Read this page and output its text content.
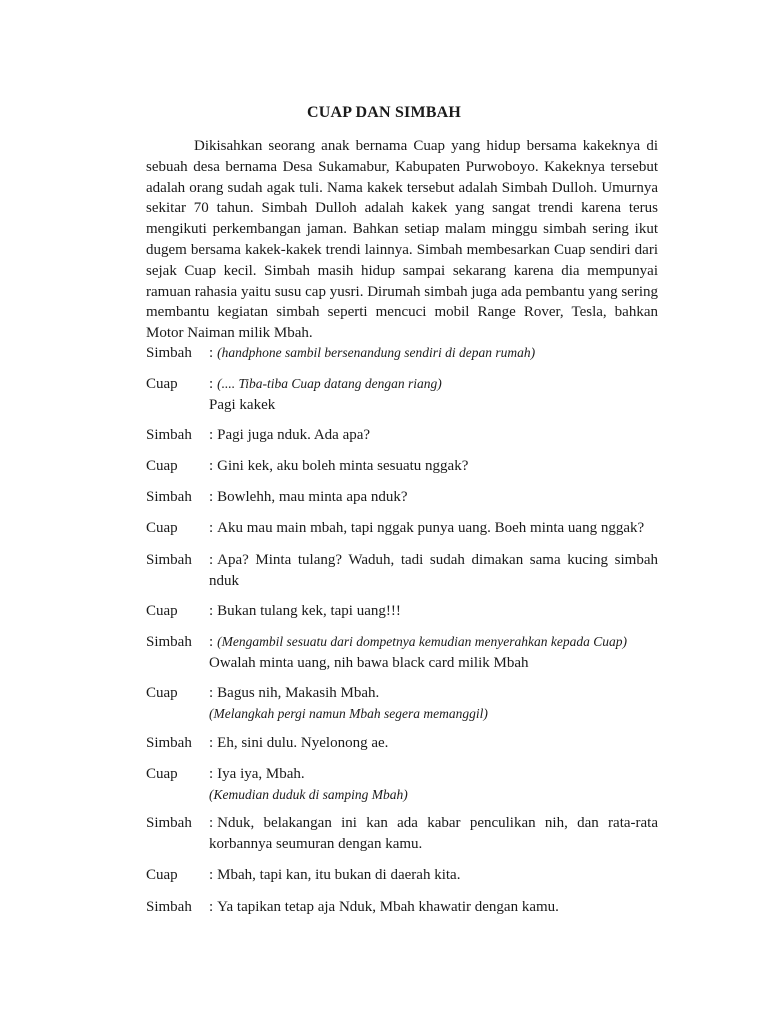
CUAP DAN SIMBAH

Dikisahkan seorang anak bernama Cuap yang hidup bersama kakeknya di sebuah desa bernama Desa Sukamabur, Kabupaten Purwoboyo. Kakeknya tersebut adalah orang sudah agak tuli. Nama kakek tersebut adalah Simbah Dulloh. Umurnya sekitar 70 tahun. Simbah Dulloh adalah kakek yang sangat trendi karena terus mengikuti perkembangan jaman. Bahkan setiap malam minggu simbah sering ikut dugem bersama kakek-kakek trendi lainnya. Simbah membesarkan Cuap sendiri dari sejak Cuap kecil. Simbah masih hidup sampai sekarang karena dia mempunyai ramuan rahasia yaitu susu cap yusri. Dirumah simbah juga ada pembantu yang sering membantu kegiatan simbah seperti mencuci mobil Range Rover, Tesla, bahkan Motor Naiman milik Mbah.

Simbah : (handphone sambil bersenandung sendiri di depan rumah)
Cuap : (.... Tiba-tiba Cuap datang dengan riang)
Pagi kakek
Simbah : Pagi juga nduk. Ada apa?
Cuap : Gini kek, aku boleh minta sesuatu nggak?
Simbah : Bowlehh, mau minta apa nduk?
Cuap : Aku mau main mbah, tapi nggak punya uang. Boeh minta uang nggak?
Simbah : Apa? Minta tulang? Waduh, tadi sudah dimakan sama kucing simbah nduk
Cuap : Bukan tulang kek, tapi uang!!!
Simbah : (Mengambil sesuatu dari dompetnya kemudian menyerahkan kepada Cuap)
Owalah minta uang, nih bawa black card milik Mbah
Cuap : Bagus nih, Makasih Mbah.
(Melangkah pergi namun Mbah segera memanggil)
Simbah : Eh, sini dulu. Nyelonong ae.
Cuap : Iya iya, Mbah.
(Kemudian duduk di samping Mbah)
Simbah : Nduk, belakangan ini kan ada kabar penculikan nih, dan rata-rata korbannya seumuran dengan kamu.
Cuap : Mbah, tapi kan, itu bukan di daerah kita.
Simbah : Ya tapikan tetap aja Nduk, Mbah khawatir dengan kamu.
